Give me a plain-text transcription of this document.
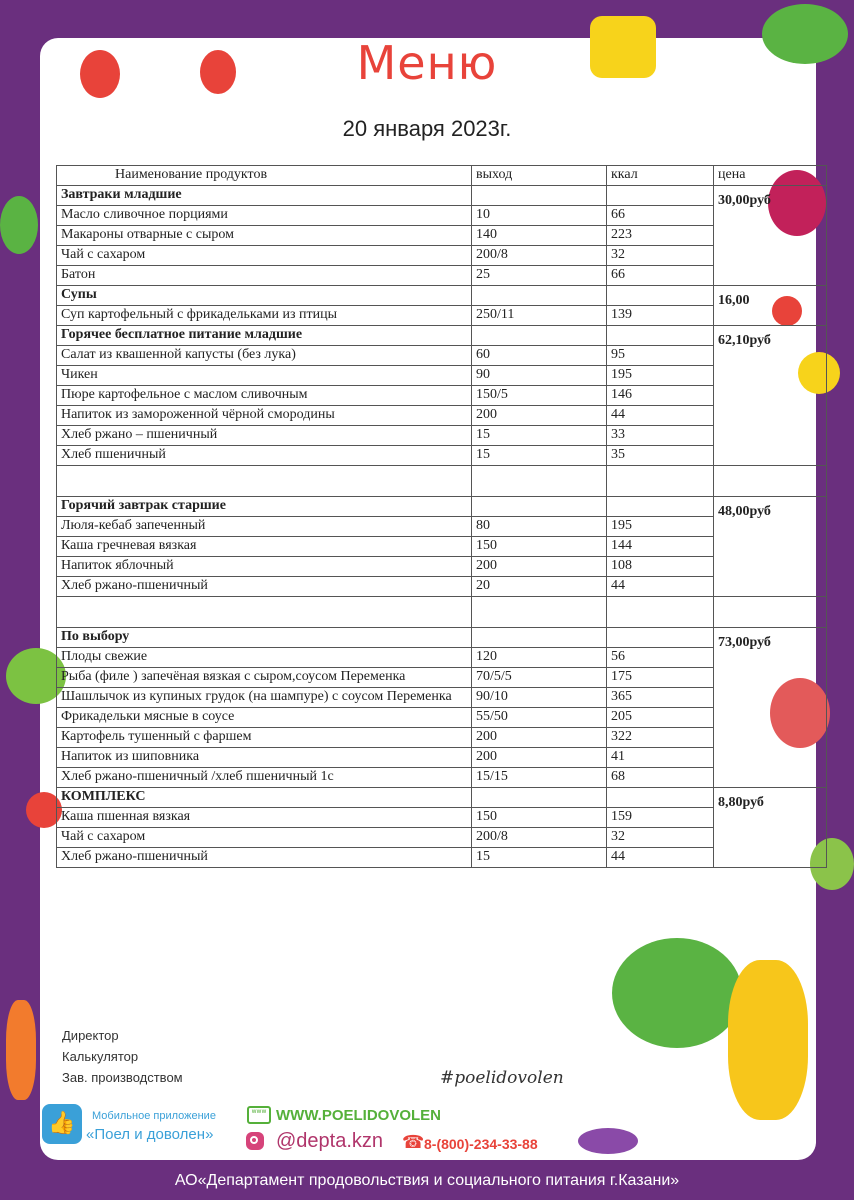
Меню
20 января 2023г.
Наименование продуктов	выход	ккал	цена
Завтраки младшие			30,00руб
Масло сливочное порциями	10	66	
Макароны отварные с сыром	140	223	
Чай с сахаром	200/8	32	
Батон	25	66	
Супы			16,00
Суп картофельный с фрикадельками из птицы	250/11	139	
Горячее бесплатное питание младшие			62,10руб
Салат из квашенной капусты (без лука)	60	95	
Чикен	90	195	
Пюре картофельное с маслом сливочным	150/5	146	
Напиток из замороженной чёрной смородины	200	44	
Хлеб ржано – пшеничный	15	33	
Хлеб пшеничный	15	35	

Горячий завтрак старшие			48,00руб
Люля-кебаб запеченный	80	195	
Каша гречневая вязкая	150	144	
Напиток яблочный	200	108	
Хлеб ржано-пшеничный	20	44	

По выбору			73,00руб
Плоды свежие	120	56	
Рыба (филе ) запечёная вязкая с сыром,соусом Переменка	70/5/5	175	
Шашлычок из купиных грудок (на шампуре) с соусом Переменка	90/10	365	
Фрикадельки мясные в соусе	55/50	205	
Картофель тушенный с фаршем	200	322	
Напиток из шиповника	200	41	
Хлеб ржано-пшеничный /хлеб пшеничный 1с	15/15	68	
КОМПЛЕКС			8,80руб
Каша пшенная вязкая	150	159	
Чай с сахаром	200/8	32	
Хлеб ржано-пшеничный	15	44	
Директор
Калькулятор
Зав. производством	#poelidovolen
👍	Мобильное приложение
«Поел и доволен»
www WWW.POELIDOVOLEN
@depta.kzn ☎ 8-(800)-234-33-88
АО«Департамент продовольствия и социального питания г.Казани»
